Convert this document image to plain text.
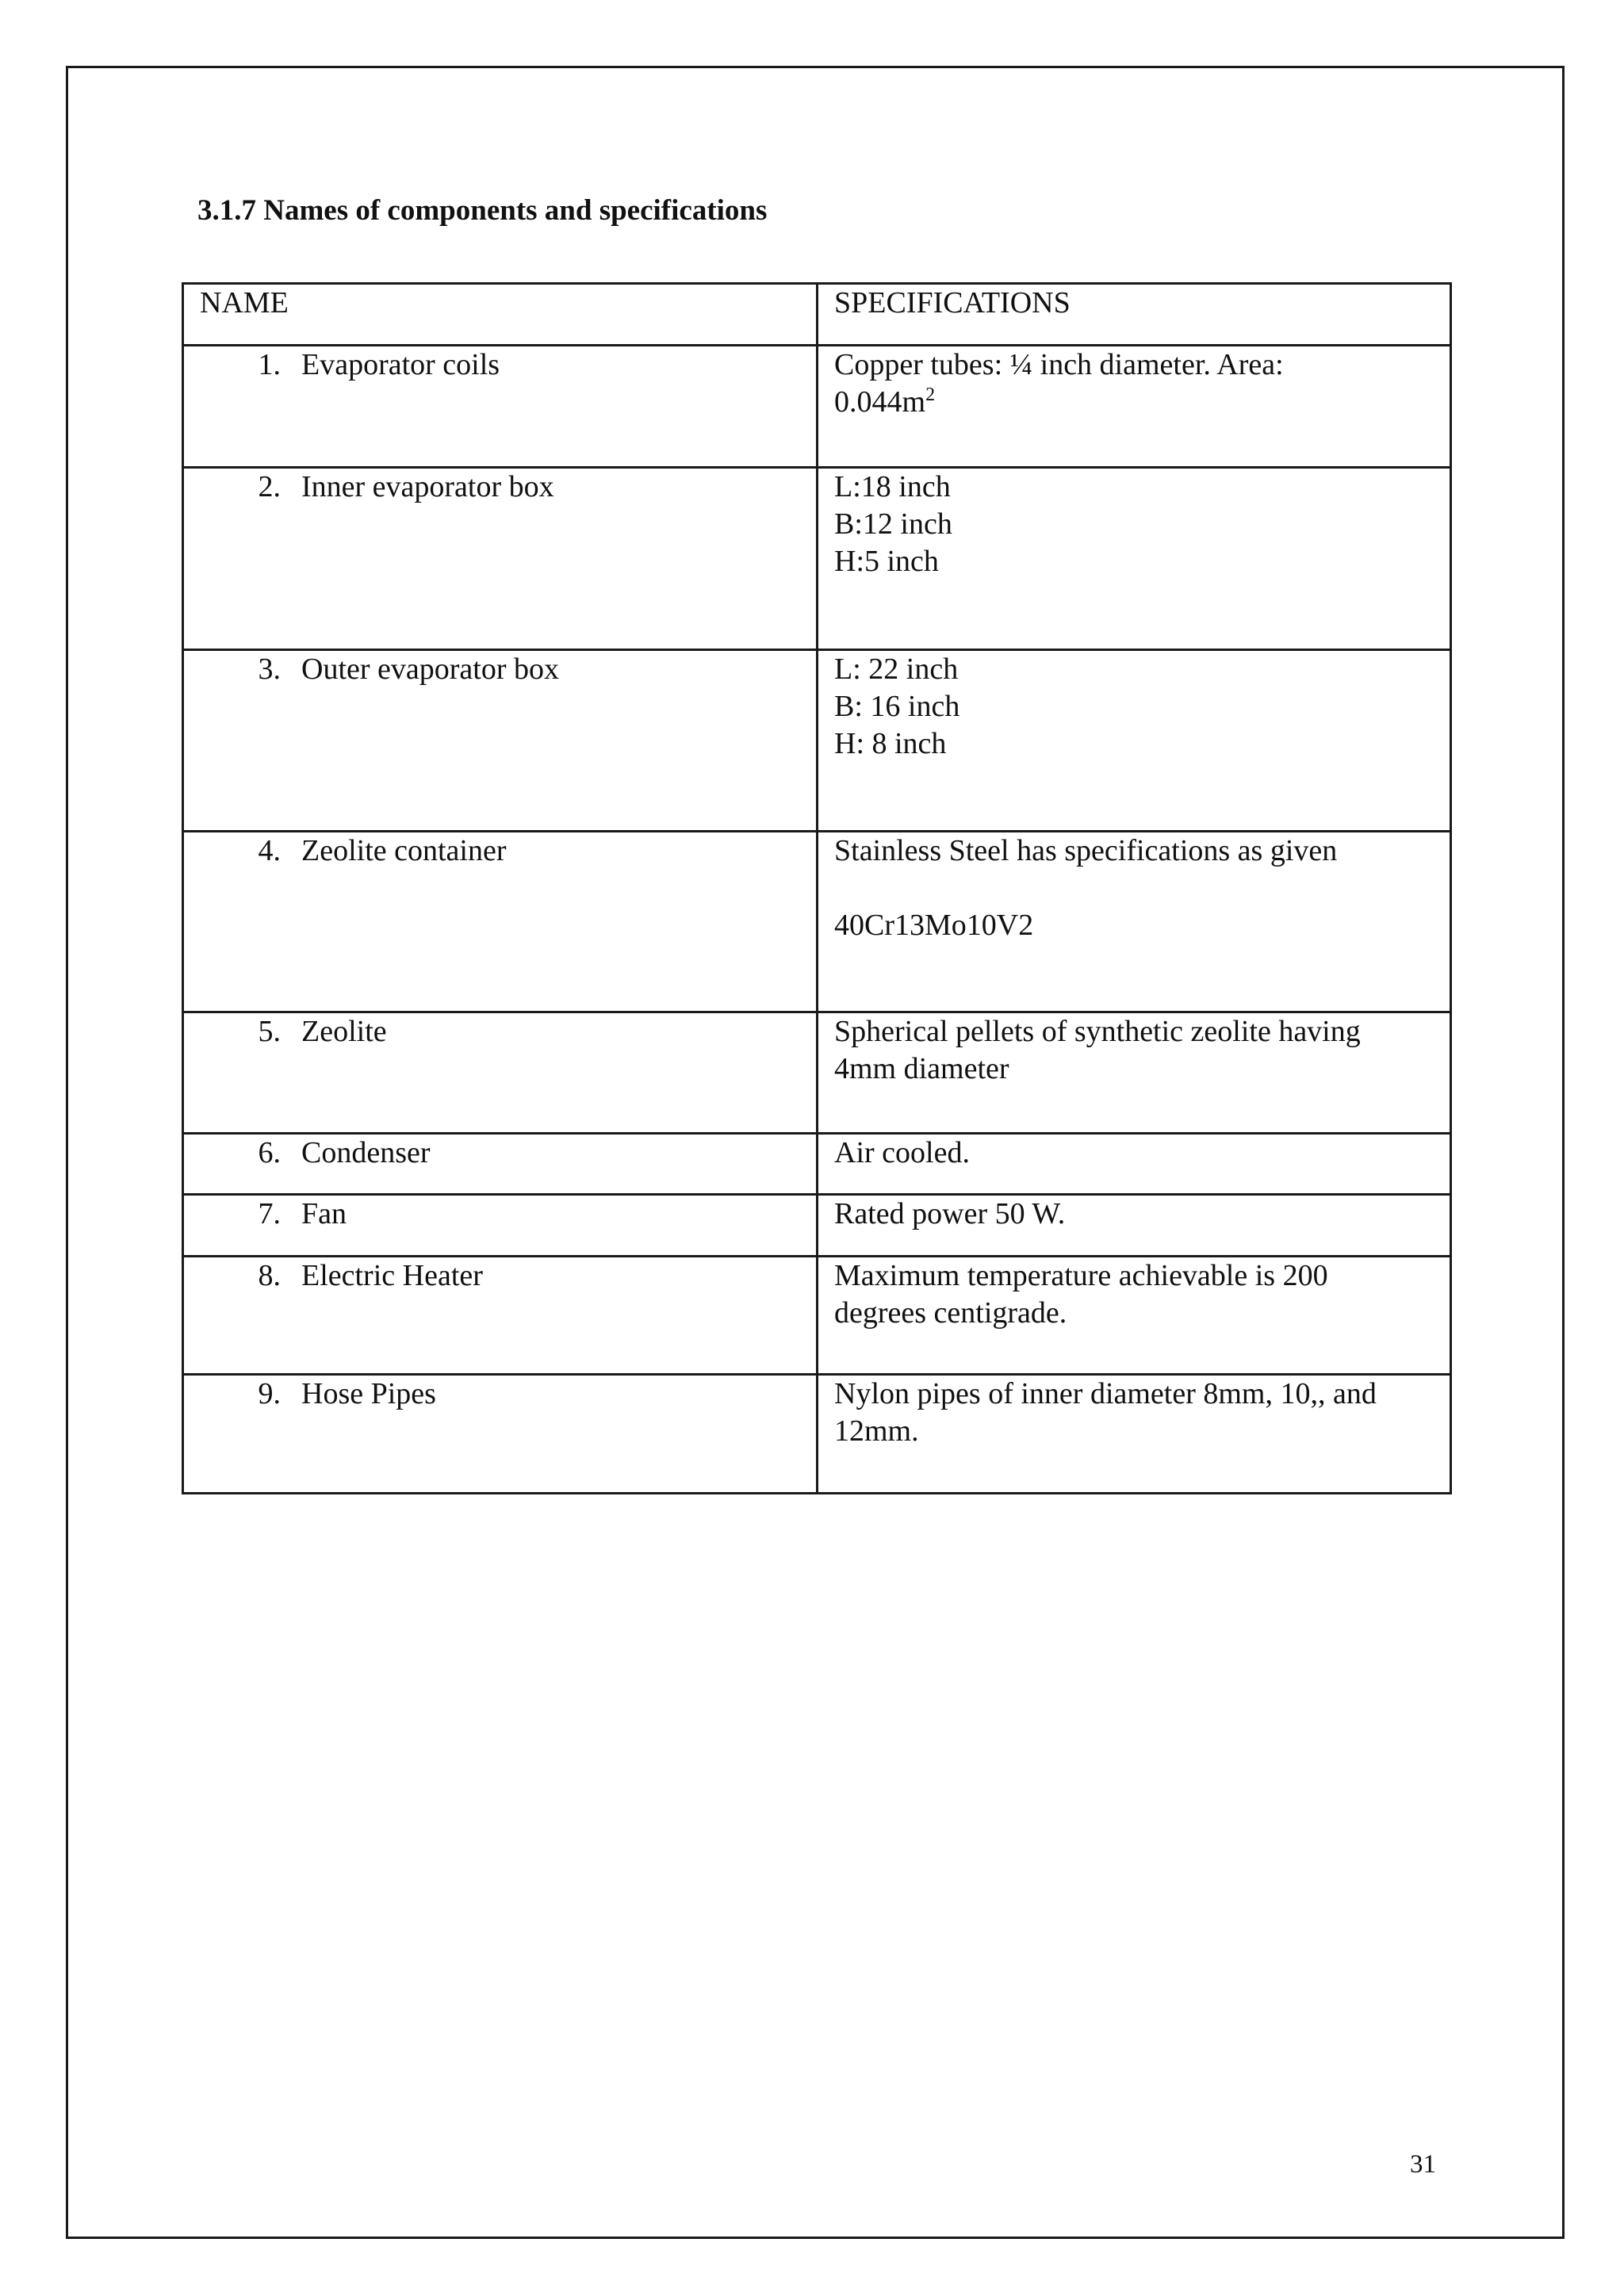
3.1.7 Names of components and specifications
NAME	SPECIFICATIONS
1. Evaporator coils	Copper tubes: ¼ inch diameter. Area:
$0.044m^2$

2. Inner evaporator box	L:18 inch
B:12 inch
H:5 inch

3. Outer evaporator box	L: 22 inch
B: 16 inch
H: 8 inch

4. Zeolite container	Stainless Steel has specifications as given
40Cr13Mo10V2

5. Zeolite	Spherical pellets of synthetic zeolite having
4mm diameter

6. Condenser	Air cooled.

7. Fan	Rated power 50 W.

8. Electric Heater	Maximum temperature achievable is 200
degrees centigrade.

9. Hose Pipes	Nylon pipes of inner diameter 8mm, 10,, and
12mm.
31
